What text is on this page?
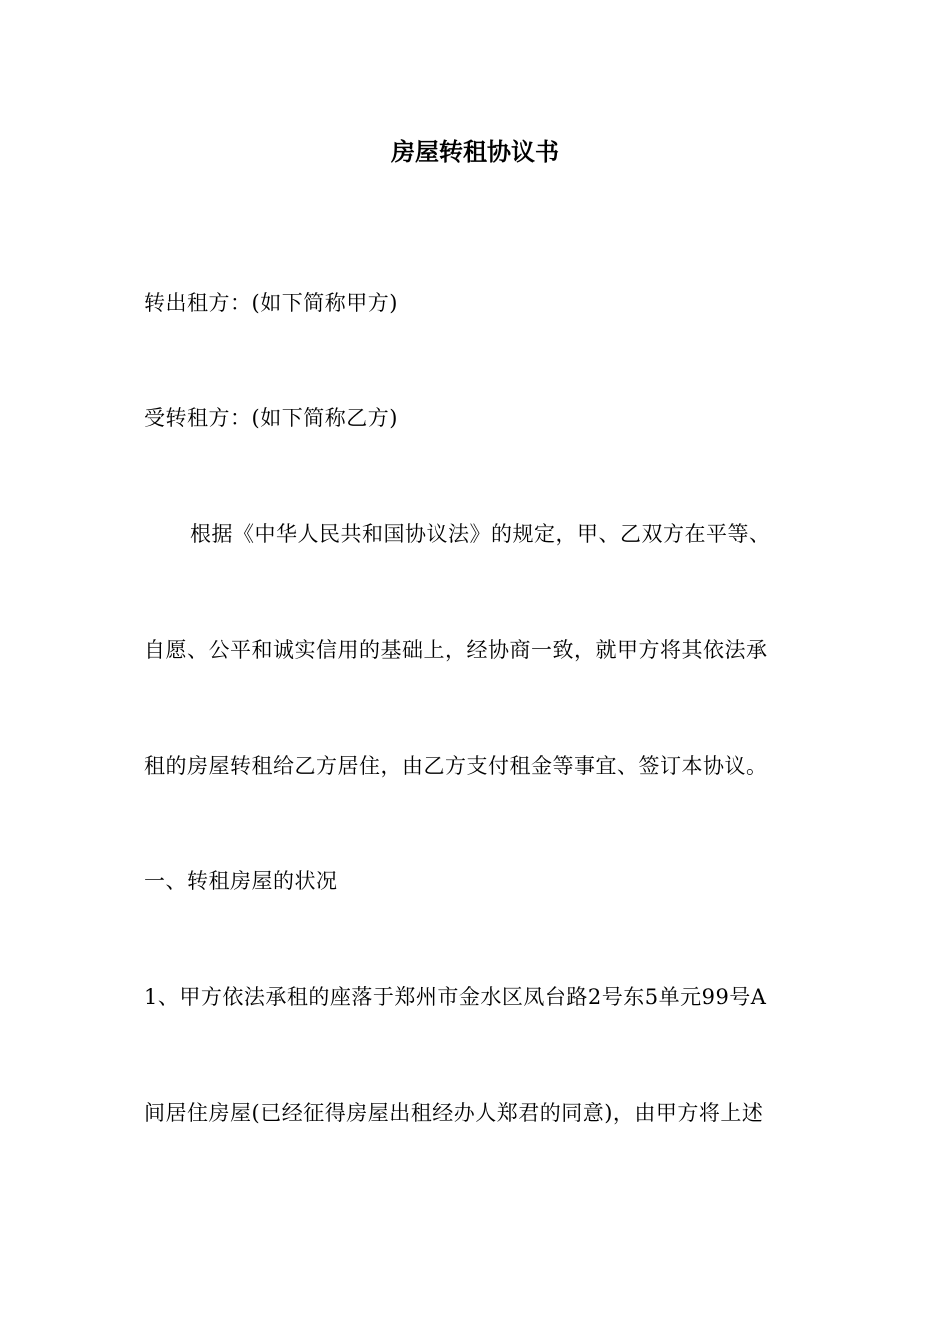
房屋转租协议书
转出租方：(如下简称甲方)
受转租方：(如下简称乙方)
根据《中华人民共和国协议法》的规定，甲、乙双方在平等、
自愿、公平和诚实信用的基础上，经协商一致，就甲方将其依法承
租的房屋转租给乙方居住，由乙方支付租金等事宜、签订本协议。
一、转租房屋的状况
1、甲方依法承租的座落于郑州市金水区凤台路2号东5单元99号A
间居住房屋(已经征得房屋出租经办人郑君的同意)，由甲方将上述
